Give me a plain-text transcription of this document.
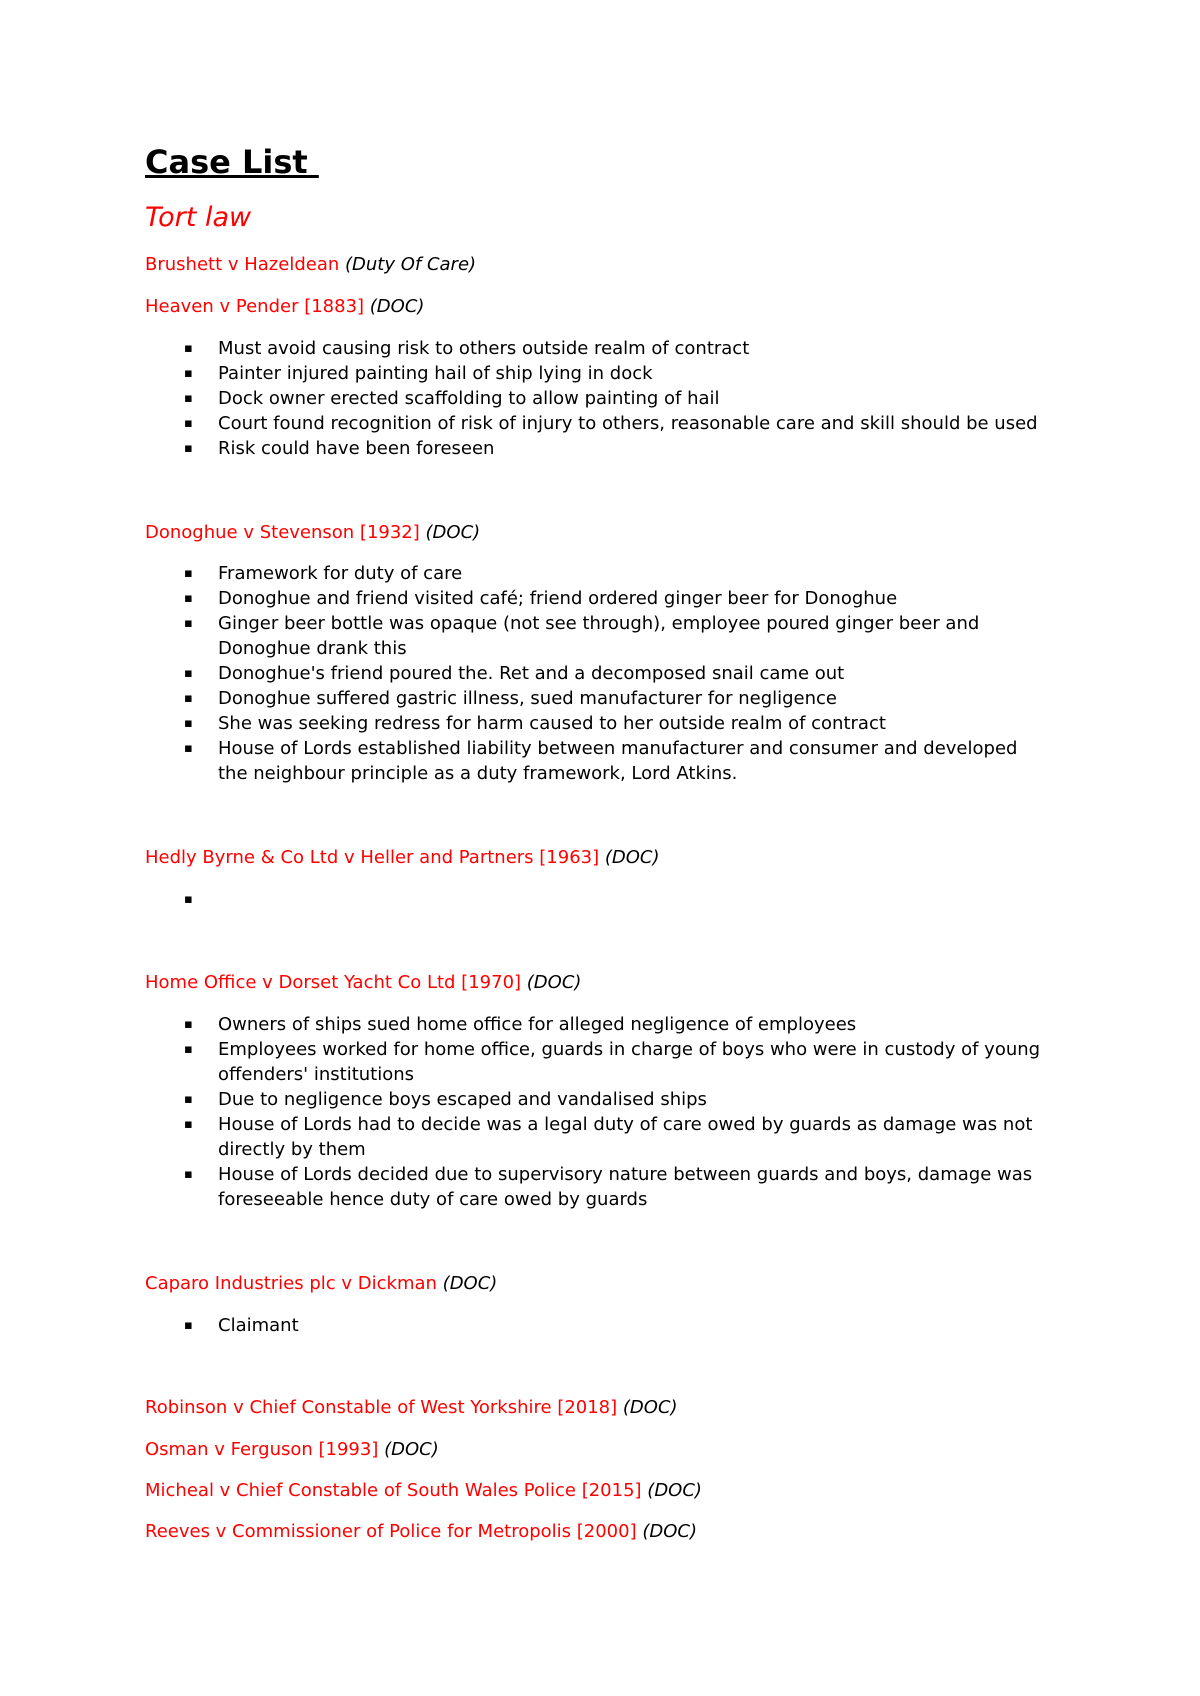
Case List
Tort law
Brushett v Hazeldean (Duty Of Care)
Heaven v Pender [1883] (DOC)
▪ Must avoid causing risk to others outside realm of contract
▪ Painter injured painting hail of ship lying in dock
▪ Dock owner erected scaffolding to allow painting of hail
▪ Court found recognition of risk of injury to others, reasonable care and skill should be used
▪ Risk could have been foreseen
Donoghue v Stevenson [1932] (DOC)
▪ Framework for duty of care
▪ Donoghue and friend visited café; friend ordered ginger beer for Donoghue
▪ Ginger beer bottle was opaque (not see through), employee poured ginger beer and Donoghue drank this
▪ Donoghue's friend poured the. Ret and a decomposed snail came out
▪ Donoghue suffered gastric illness, sued manufacturer for negligence
▪ She was seeking redress for harm caused to her outside realm of contract
▪ House of Lords established liability between manufacturer and consumer and developed the neighbour principle as a duty framework, Lord Atkins.
Hedly Byrne & Co Ltd v Heller and Partners [1963] (DOC)
▪
Home Office v Dorset Yacht Co Ltd [1970] (DOC)
▪ Owners of ships sued home office for alleged negligence of employees
▪ Employees worked for home office, guards in charge of boys who were in custody of young offenders' institutions
▪ Due to negligence boys escaped and vandalised ships
▪ House of Lords had to decide was a legal duty of care owed by guards as damage was not directly by them
▪ House of Lords decided due to supervisory nature between guards and boys, damage was foreseeable hence duty of care owed by guards
Caparo Industries plc v Dickman (DOC)
▪ Claimant
Robinson v Chief Constable of West Yorkshire [2018] (DOC)
Osman v Ferguson [1993] (DOC)
Micheal v Chief Constable of South Wales Police [2015] (DOC)
Reeves v Commissioner of Police for Metropolis [2000] (DOC)
